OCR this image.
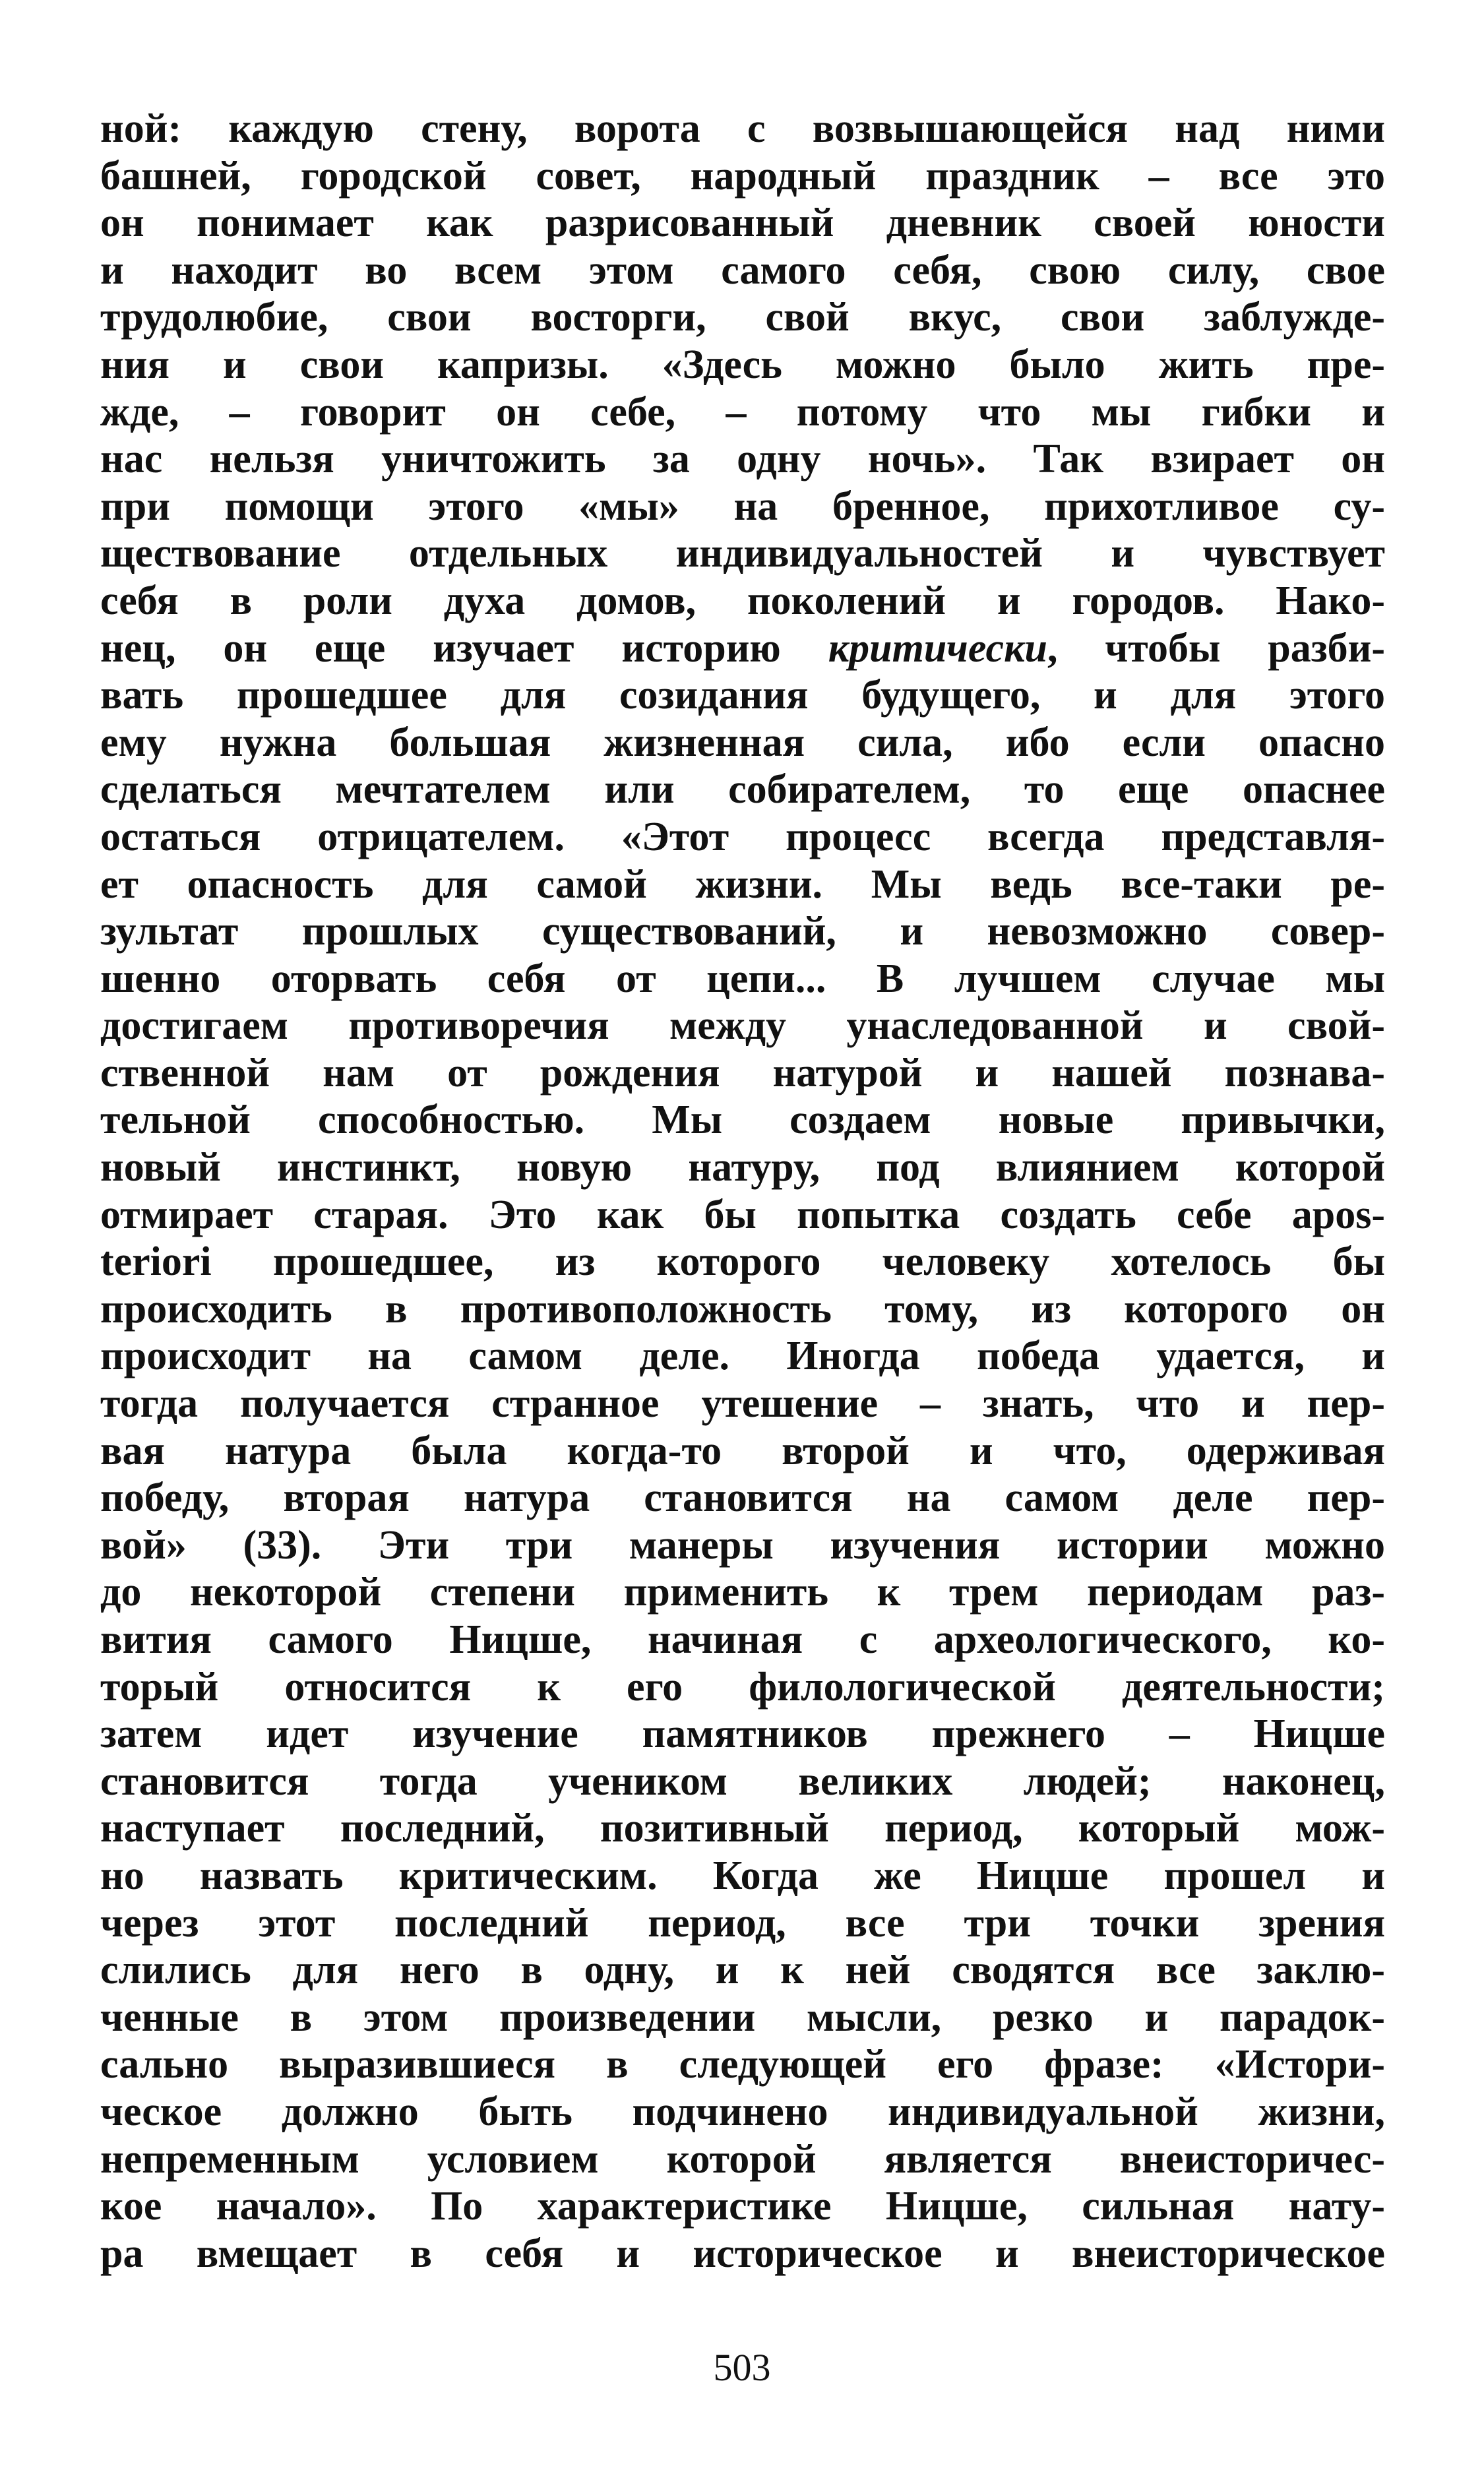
ной: каждую стену, ворота с возвышающейся над ними
башней, городской совет, народный праздник – все это
он понимает как разрисованный дневник своей юности
и находит во всем этом самого себя, свою силу, свое
трудолюбие, свои восторги, свой вкус, свои заблужде-
ния и свои капризы. «Здесь можно было жить пре-
жде, – говорит он себе, – потому что мы гибки и
нас нельзя уничтожить за одну ночь». Так взирает он
при помощи этого «мы» на бренное, прихотливое су-
ществование отдельных индивидуальностей и чувствует
себя в роли духа домов, поколений и городов. Нако-
нец, он еще изучает историю критически, чтобы разби-
вать прошедшее для созидания будущего, и для этого
ему нужна большая жизненная сила, ибо если опасно
сделаться мечтателем или собирателем, то еще опаснее
остаться отрицателем. «Этот процесс всегда представля-
ет опасность для самой жизни. Мы ведь все-таки ре-
зультат прошлых существований, и невозможно совер-
шенно оторвать себя от цепи... В лучшем случае мы
достигаем противоречия между унаследованной и свой-
ственной нам от рождения натурой и нашей познава-
тельной способностью. Мы создаем новые привычки,
новый инстинкт, новую натуру, под влиянием которой
отмирает старая. Это как бы попытка создать себе apos-
teriori прошедшее, из которого человеку хотелось бы
происходить в противоположность тому, из которого он
происходит на самом деле. Иногда победа удается, и
тогда получается странное утешение – знать, что и пер-
вая натура была когда-то второй и что, одерживая
победу, вторая натура становится на самом деле пер-
вой» (33). Эти три манеры изучения истории можно
до некоторой степени применить к трем периодам раз-
вития самого Ницше, начиная с археологического, ко-
торый относится к его филологической деятельности;
затем идет изучение памятников прежнего – Ницше
становится тогда учеником великих людей; наконец,
наступает последний, позитивный период, который мож-
но назвать критическим. Когда же Ницше прошел и
через этот последний период, все три точки зрения
слились для него в одну, и к ней сводятся все заклю-
ченные в этом произведении мысли, резко и парадок-
сально выразившиеся в следующей его фразе: «Истори-
ческое должно быть подчинено индивидуальной жизни,
непременным условием которой является внеисторичес-
кое начало». По характеристике Ницше, сильная нату-
ра вмещает в себя и историческое и внеисторическое
503
